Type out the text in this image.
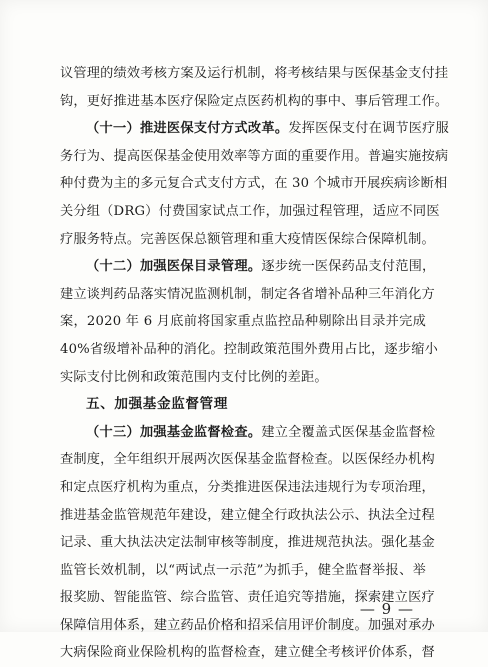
议管理的绩效考核方案及运行机制，将考核结果与医保基金支付挂
钩，更好推进基本医疗保险定点医药机构的事中、事后管理工作。
（十一）推进医保支付方式改革。发挥医保支付在调节医疗服
务行为、提高医保基金使用效率等方面的重要作用。普遍实施按病
种付费为主的多元复合式支付方式，在 30 个城市开展疾病诊断相
关分组（DRG）付费国家试点工作，加强过程管理，适应不同医
疗服务特点。完善医保总额管理和重大疫情医保综合保障机制。
（十二）加强医保目录管理。逐步统一医保药品支付范围，
建立谈判药品落实情况监测机制，制定各省增补品种三年消化方
案，2020 年 6 月底前将国家重点监控品种剔除出目录并完成
40%省级增补品种的消化。控制政策范围外费用占比，逐步缩小
实际支付比例和政策范围内支付比例的差距。
五、加强基金监督管理
（十三）加强基金监督检查。建立全覆盖式医保基金监督检
查制度，全年组织开展两次医保基金监督检查。以医保经办机构
和定点医疗机构为重点，分类推进医保违法违规行为专项治理，
推进基金监管规范年建设，建立健全行政执法公示、执法全过程
记录、重大执法决定法制审核等制度，推进规范执法。强化基金
监管长效机制，以“两试点一示范”为抓手，健全监督举报、举
报奖励、智能监管、综合监管、责任追究等措施，探索建立医疗
保障信用体系，建立药品价格和招采信用评价制度。加强对承办
大病保险商业保险机构的监督检查，建立健全考核评价体系，督
— 9 —
